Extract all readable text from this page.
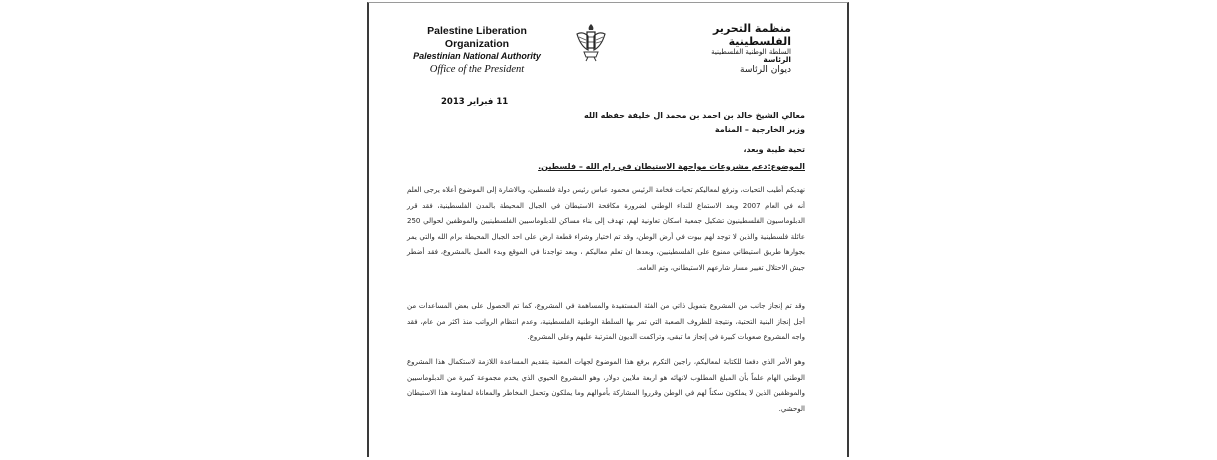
Palestine Liberation Organization
Palestinian National Authority
Office of the President
منظمة التحرير الفلسطينية
السلطة الوطنية الفلسطينية
الرئاسة
ديوان الرئاسة
11 فبراير 2013
معالي الشيخ خالد بن احمد بن محمد ال خليفة حفظه الله
وزير الخارجية – المنامة
تحية طيبة وبعد،
الموضوع:دعم مشروعات مواجهة الاستيطان في رام الله – فلسطين.
نهديكم أطيب التحيات، ونرفع لمعاليكم تحيات فخامة الرئيس محمود عباس رئيس دولة فلسطين، وبالاشارة إلى الموضوع أعلاه يرجى العلم أنه في العام 2007 وبعد الاستماع للنداء الوطني لضرورة مكافحة الاستيطان في الجبال المحيطة بالمدن الفلسطينية، فقد قرر الدبلوماسيون الفلسطينيون تشكيل جمعية اسكان تعاونية لهم، تهدف إلى بناء مساكن للدبلوماسيين الفلسطينيين والموظفين لحوالي 250 عائلة فلسطينية والذين لا توجد لهم بيوت في أرض الوطن، وقد تم اختيار وشراء قطعة ارض على احد الجبال المحيطة برام الله والتي يمر بجوارها طريق استيطاني ممنوع على الفلسطينيين، وبعدها ان تعلم معاليكم ، وبعد تواجدنا في الموقع وبدء العمل بالمشروع، فقد أضطر جيش الاحتلال تغيير مسار شارعهم الاستيطاني، وتم العامه.
وقد تم إنجاز جانب من المشروع بتمويل ذاتي من الفئة المستفيدة والمساهمة في المشروع، كما تم الحصول على بعض المساعدات من أجل إنجاز البنية التحتية، ونتيجة للظروف الصعبة التي تمر بها السلطة الوطنية الفلسطينية، وعدم انتظام الرواتب منذ اكثر من عام، فقد واجه المشروع صعوبات كبيرة في إنجاز ما تبقى، وتراكمت الديون المترتبة عليهم وعلى المشروع.
وهو الأمر الذي دفعنا للكتابة لمعاليكم، راجين التكرم برفع هذا الموضوع لجهات المعنية بتقديم المساعدة اللازمة لاستكمال هذا المشروع الوطني الهام علماً بأن المبلغ المطلوب لانهائه هو اربعة ملايين دولار، وهو المشروع الحيوي الذي يخدم مجموعة كبيرة من الدبلوماسيين والموظفين الذين لا يملكون سكناً لهم في الوطن وقرروا المشاركة بأموالهم وما يملكون وتحمل المخاطر والمعاناة لمقاومة هذا الاستيطان الوحشي.
